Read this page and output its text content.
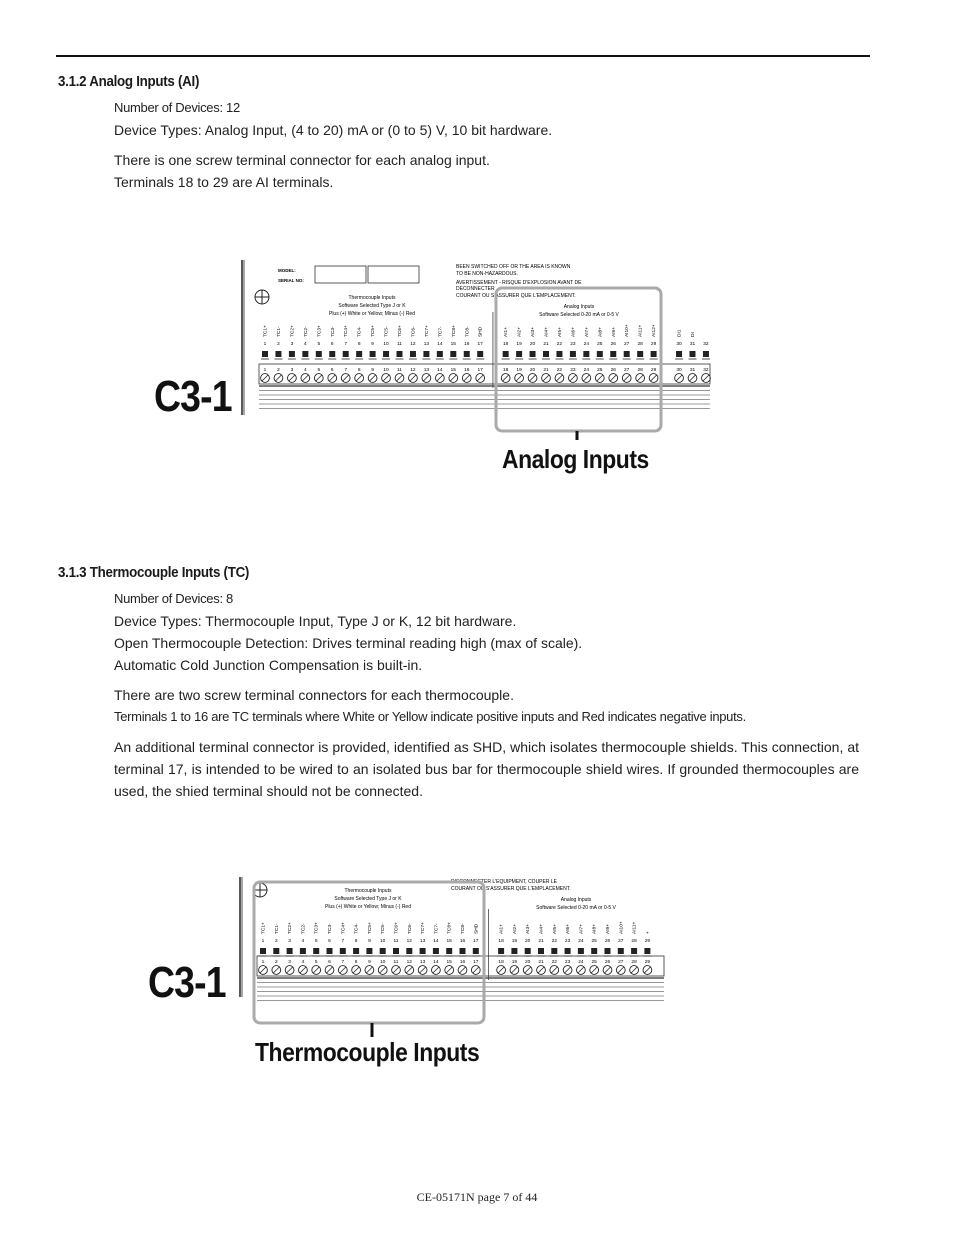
3.1.2 Analog Inputs (AI)
Number of Devices: 12
Device Types: Analog Input, (4 to 20) mA or (0 to 5) V, 10 bit hardware.
There is one screw terminal connector for each analog input.
Terminals 18 to 29 are AI terminals.
C3-1
MODEL:
SERIAL NO:
BEEN SWITCHED OFF OR THE AREA IS KNOWN
TO BE NON-HAZARDOUS.
AVERTISSEMENT - RISQUE D'EXPLOSION AVANT DE
DECONNECTER
COURANT OU S'ASSURER QUE L'EMPLACEMENT.
Thermocouple Inputs
Software Selected Type J or K
Plus (+) White or Yellow; Minus (-) Red
Analog Inputs
Software Selected 0-20 mA or 0-5 V
TC1+
1
TC1-
2
TC2+
3
TC2-
4
TC3+
5
TC3-
6
TC4+
7
TC4-
8
TC5+
9
TC5-
10
TC6+
11
TC6-
12
TC7+
13
TC7-
14
TC8+
15
TC8-
16
SHD
17
AI1+
18
AI2+
19
AI3+
20
AI4+
21
AI5+
22
AI6+
23
AI7+
24
AI8+
25
AI9+
26
AI10+
27
AI11+
28
AI12+
29
DI1
30
DI
31 32
1 2 3 4 5 6 7 8 9 10 11 12 13 14 15 16 17	18 19 20 21 22 23 24 25 26 27 28 29	30 31 32
Analog Inputs
3.1.3 Thermocouple Inputs (TC)
Number of Devices: 8
Device Types: Thermocouple Input, Type J or K, 12 bit hardware.
Open Thermocouple Detection: Drives terminal reading high (max of scale).
Automatic Cold Junction Compensation is built-in.
There are two screw terminal connectors for each thermocouple.
Terminals 1 to 16 are TC terminals where White or Yellow indicate positive inputs and Red indicates negative inputs.
An additional terminal connector is provided, identified as SHD, which isolates thermocouple shields. This connection, at terminal 17, is intended to be wired to an isolated bus bar for thermocouple shield wires. If grounded thermocouples are used, the shied terminal should not be connected.
C3-1
DISCONNECTER L'EQUIPMENT, COUPER LE
COURANT OU S'ASSURER QUE L'EMPLACEMENT.
Thermocouple Inputs
Software Selected Type J or K
Plus (+) White or Yellow; Minus (-) Red
Analog Inputs
Software Selected 0-20 mA or 0-5 V
TC1+
1
TC1-
2
TC2+
3
TC2-
4
TC3+
5
TC3-
6
TC4+
7
TC4-
8
TC5+
9
TC5-
10
TC6+
11
TC6-
12
TC7+
13
TC7-
14
TC8+
15
TC8-
16
SHD
17
AI1+
18
AI2+
19
AI3+
20
AI4+
21
AI5+
22
AI6+
23
AI7+
24
AI8+
25
AI9+
26
AI10+
27
AI11+
28
+
29
1 2 3 4 5 6 7 8 9 10 11 12 13 14 15 16 17	18 19 20 21 22 23 24 25 26 27 28 29
Thermocouple Inputs
CE-05171N page 7 of 44
